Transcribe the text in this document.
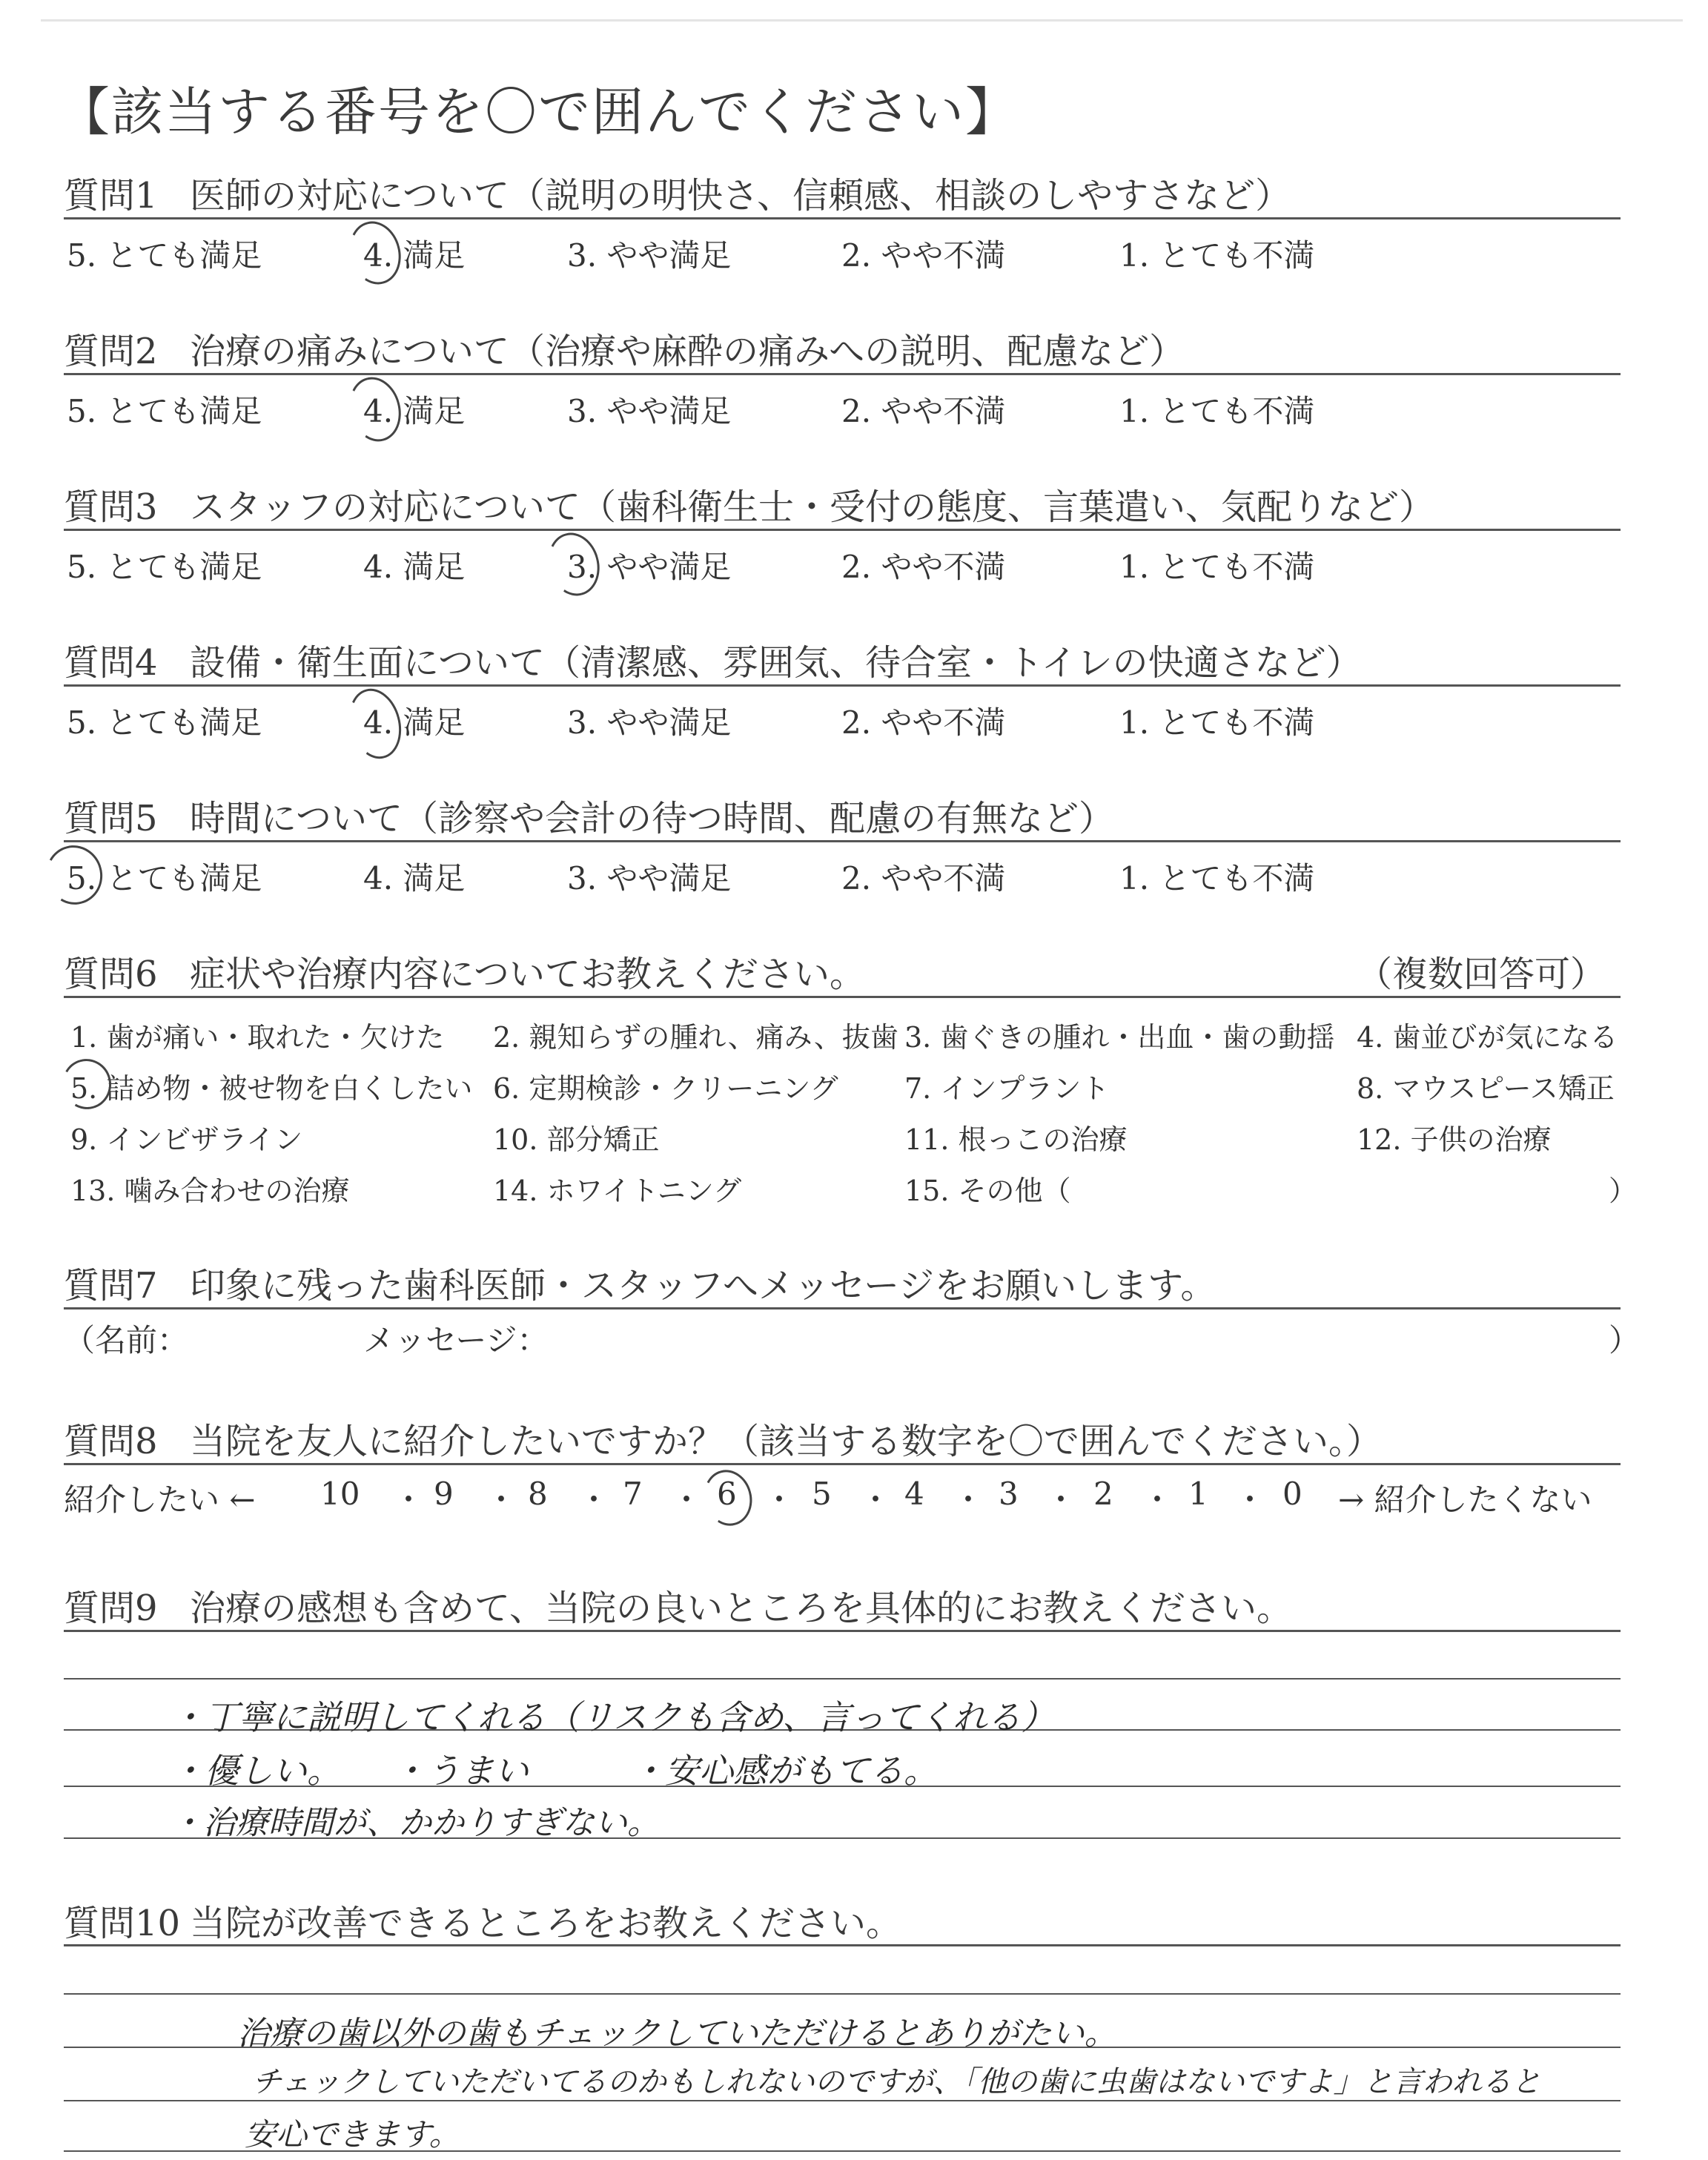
【該当する番号を〇で囲んでください】
質問1 医師の対応について（説明の明快さ、信頼感、相談のしやすさなど）
5. とても満足	4. 満足	3. やや満足	2. やや不満	1. とても不満
質問2 治療の痛みについて（治療や麻酔の痛みへの説明、配慮など）
5. とても満足	4. 満足	3. やや満足	2. やや不満	1. とても不満
質問3 スタッフの対応について（歯科衛生士・受付の態度、言葉遣い、気配りなど）
5. とても満足	4. 満足	3. やや満足	2. やや不満	1. とても不満
質問4 設備・衛生面について（清潔感、雰囲気、待合室・トイレの快適さなど）
5. とても満足	4. 満足	3. やや満足	2. やや不満	1. とても不満
質問5 時間について（診察や会計の待つ時間、配慮の有無など）
5. とても満足	4. 満足	3. やや満足	2. やや不満	1. とても不満
質問6 症状や治療内容についてお教えください。	（複数回答可）
1. 歯が痛い・取れた・欠けた 2. 親知らずの腫れ、痛み、抜歯 3. 歯ぐきの腫れ・出血・歯の動揺 4. 歯並びが気になる
5. 詰め物・被せ物を白くしたい 6. 定期検診・クリーニング 7. インプラント	8. マウスピース矯正
9. インビザライン	10. 部分矯正	11. 根っこの治療	12. 子供の治療
13. 噛み合わせの治療	14. ホワイトニング	15. その他（	）
質問7 印象に残った歯科医師・スタッフへメッセージをお願いします。
（名前：	メッセージ：	）
質問8 当院を友人に紹介したいですか？（該当する数字を〇で囲んでください。）
紹介したい ← 10 ・ 9 ・ 8 ・ 7 ・ 6 ・ 5 ・ 4 ・ 3 ・ 2 ・ 1 ・ 0 → 紹介したくない
質問9 治療の感想も含めて、当院の良いところを具体的にお教えください。
・丁寧に説明してくれる（リスクも含め、言ってくれる）
・優しい。　　・うまい　　　・安心感がもてる。
・治療時間が、かかりすぎない。
質問10 当院が改善できるところをお教えください。
治療の歯以外の歯もチェックしていただけるとありがたい。
チェックしていただいてるのかもしれないのですが、「他の歯に虫歯はないですよ」と言われると
安心できます。
